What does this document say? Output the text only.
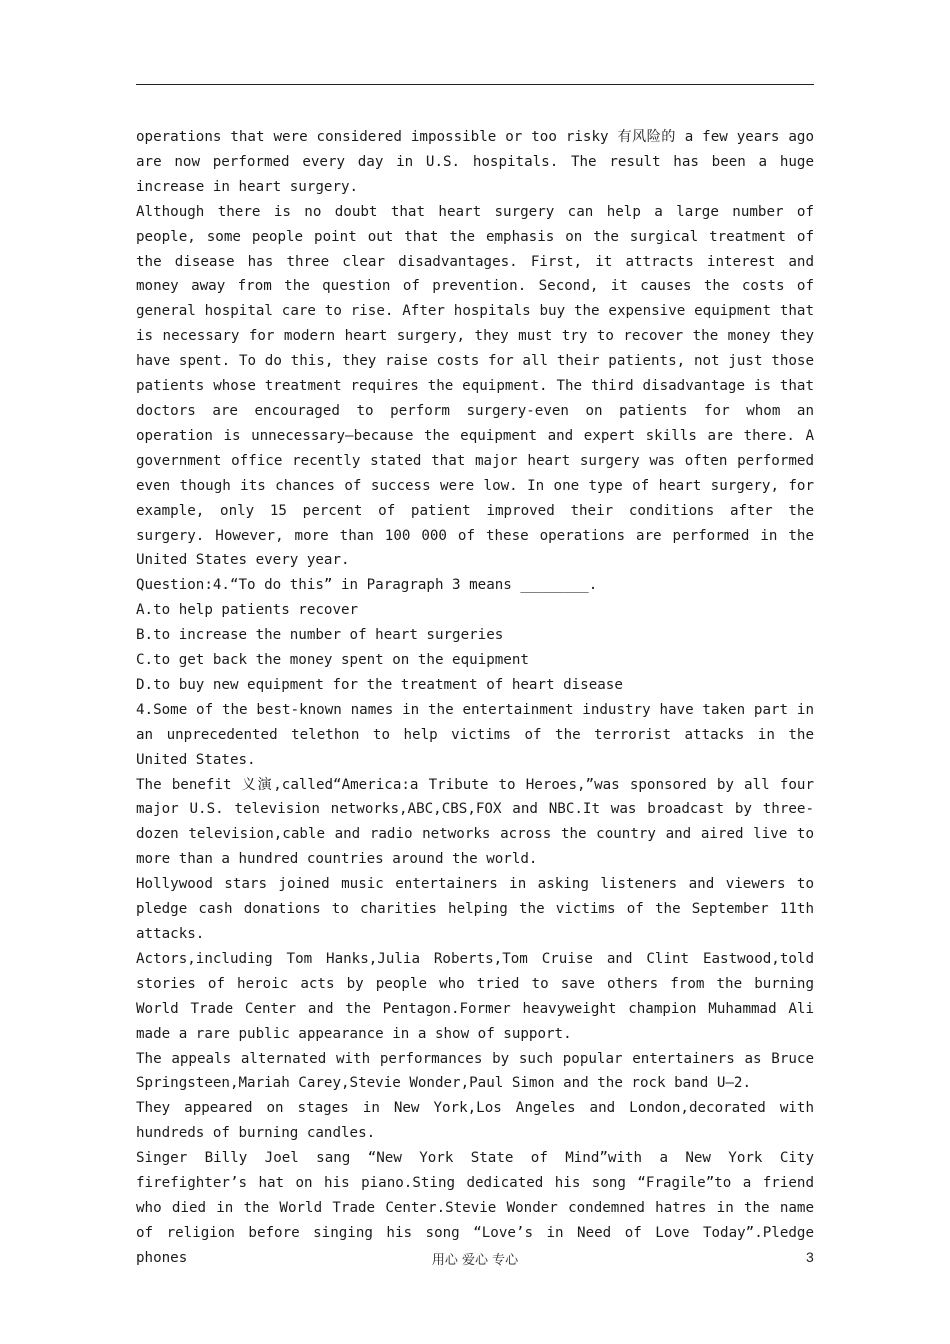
operations that were considered impossible or too risky 有风险的 a few years ago are now performed every day in U.S. hospitals. The result has been a huge increase in heart surgery.

Although there is no doubt that heart surgery can help a large number of people, some people point out that the emphasis on the surgical treatment of the disease has three clear disadvantages. First, it attracts interest and money away from the question of prevention. Second, it causes the costs of general hospital care to rise. After hospitals buy the expensive equipment that is necessary for modern heart surgery, they must try to recover the money they have spent. To do this, they raise costs for all their patients, not just those patients whose treatment requires the equipment. The third disadvantage is that doctors are encouraged to perform surgery-even on patients for whom an operation is unnecessary—because the equipment and expert skills are there. A government office recently stated that major heart surgery was often performed even though its chances of success were low. In one type of heart surgery, for example, only 15 percent of patient improved their conditions after the surgery. However, more than 100 000 of these operations are performed in the United States every year.

Question:4.“To do this” in Paragraph 3 means ________.

A.to help patients recover

B.to increase the number of heart surgeries

C.to get back the money spent on the equipment

D.to buy new equipment for the treatment of heart disease

4.Some of the best-known names in the entertainment industry have taken part in an unprecedented telethon to help victims of the terrorist attacks in the United States.

The benefit 义演,called“America:a Tribute to Heroes,”was sponsored by all four major U.S. television networks,ABC,CBS,FOX and NBC.It was broadcast by three-dozen television,cable and radio networks across the country and aired live to more than a hundred countries around the world.

Hollywood stars joined music entertainers in asking listeners and viewers to pledge cash donations to charities helping the victims of the September 11th attacks.

Actors,including Tom Hanks,Julia Roberts,Tom Cruise and Clint Eastwood,told stories of heroic acts by people who tried to save others from the burning World Trade Center and the Pentagon.Former heavyweight champion Muhammad Ali made a rare public appearance in a show of support.

The appeals alternated with performances by such popular entertainers as Bruce Springsteen,Mariah Carey,Stevie Wonder,Paul Simon and the rock band U—2.

They appeared on stages in New York,Los Angeles and London,decorated with hundreds of burning candles.

Singer Billy Joel sang “New York State of Mind”with a New York City firefighter’s hat on his piano.Sting dedicated his song “Fragile”to a friend who died in the World Trade Center.Stevie Wonder condemned hatres in the name of religion before singing his song “Love’s in Need of Love Today”.Pledge phones	用心 爱心 专心	3
